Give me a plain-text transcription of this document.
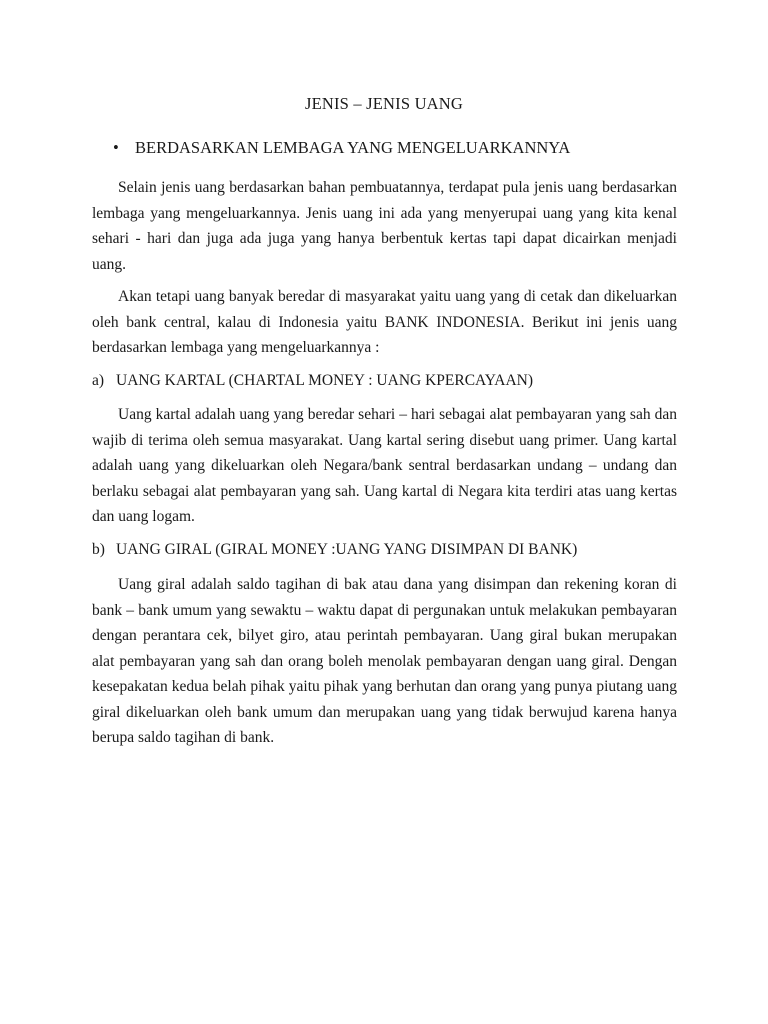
JENIS – JENIS UANG
• BERDASARKAN LEMBAGA YANG MENGELUARKANNYA

Selain jenis uang berdasarkan bahan pembuatannya, terdapat pula jenis uang berdasarkan lembaga yang mengeluarkannya. Jenis uang ini ada yang menyerupai uang yang kita kenal sehari - hari dan juga ada juga yang hanya berbentuk kertas tapi dapat dicairkan menjadi uang.

Akan tetapi uang banyak beredar di masyarakat yaitu uang yang di cetak dan dikeluarkan oleh bank central, kalau di Indonesia yaitu BANK INDONESIA. Berikut ini jenis uang berdasarkan lembaga yang mengeluarkannya :

a) UANG KARTAL (CHARTAL MONEY : UANG KPERCAYAAN)

Uang kartal adalah uang yang beredar sehari – hari sebagai alat pembayaran yang sah dan wajib di terima oleh semua masyarakat. Uang kartal sering disebut uang primer. Uang kartal adalah uang yang dikeluarkan oleh Negara/bank sentral berdasarkan undang – undang dan berlaku sebagai alat pembayaran yang sah. Uang kartal di Negara kita terdiri atas uang kertas dan uang logam.

b) UANG GIRAL (GIRAL MONEY :UANG YANG DISIMPAN DI BANK)

Uang giral adalah saldo tagihan di bak atau dana yang disimpan dan rekening koran di bank – bank umum yang sewaktu – waktu dapat di pergunakan untuk melakukan pembayaran dengan perantara cek, bilyet giro, atau perintah pembayaran. Uang giral bukan merupakan alat pembayaran yang sah dan orang boleh menolak pembayaran dengan uang giral. Dengan kesepakatan kedua belah pihak yaitu pihak yang berhutan dan orang yang punya piutang uang giral dikeluarkan oleh bank umum dan merupakan uang yang tidak berwujud karena hanya berupa saldo tagihan di bank.
